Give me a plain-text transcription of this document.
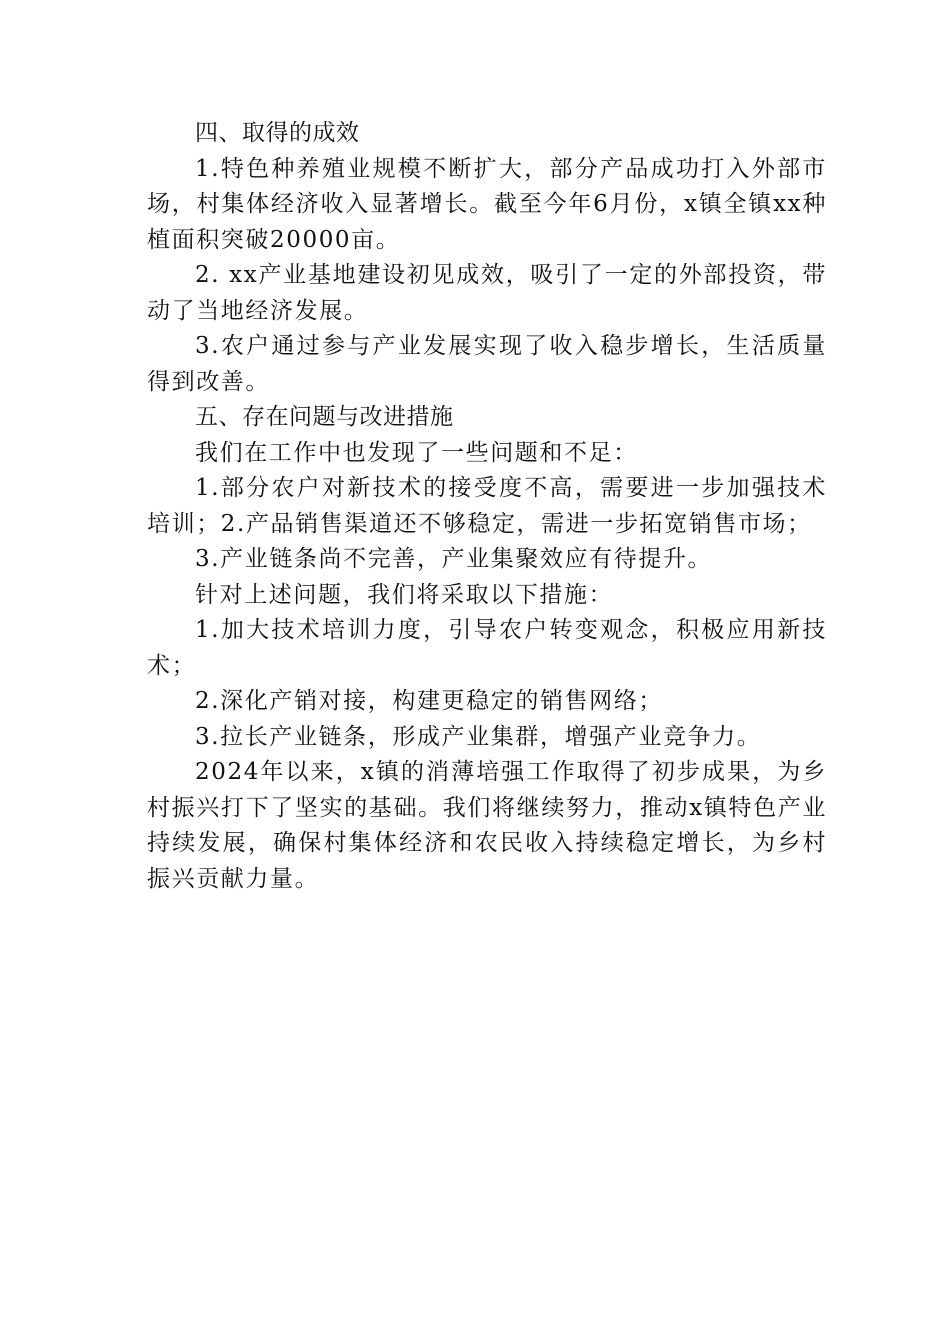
四、取得的成效

1.特色种养殖业规模不断扩大，部分产品成功打入外部市场，村集体经济收入显著增长。截至今年6月份，x镇全镇xx种植面积突破20000亩。

2. xx产业基地建设初见成效，吸引了一定的外部投资，带动了当地经济发展。

3.农户通过参与产业发展实现了收入稳步增长，生活质量得到改善。

五、存在问题与改进措施

我们在工作中也发现了一些问题和不足：

1.部分农户对新技术的接受度不高，需要进一步加强技术培训；2.产品销售渠道还不够稳定，需进一步拓宽销售市场；

3.产业链条尚不完善，产业集聚效应有待提升。

针对上述问题，我们将采取以下措施：

1.加大技术培训力度，引导农户转变观念，积极应用新技术；

2.深化产销对接，构建更稳定的销售网络；

3.拉长产业链条，形成产业集群，增强产业竞争力。

2024年以来，x镇的消薄培强工作取得了初步成果，为乡村振兴打下了坚实的基础。我们将继续努力，推动x镇特色产业持续发展，确保村集体经济和农民收入持续稳定增长，为乡村振兴贡献力量。
